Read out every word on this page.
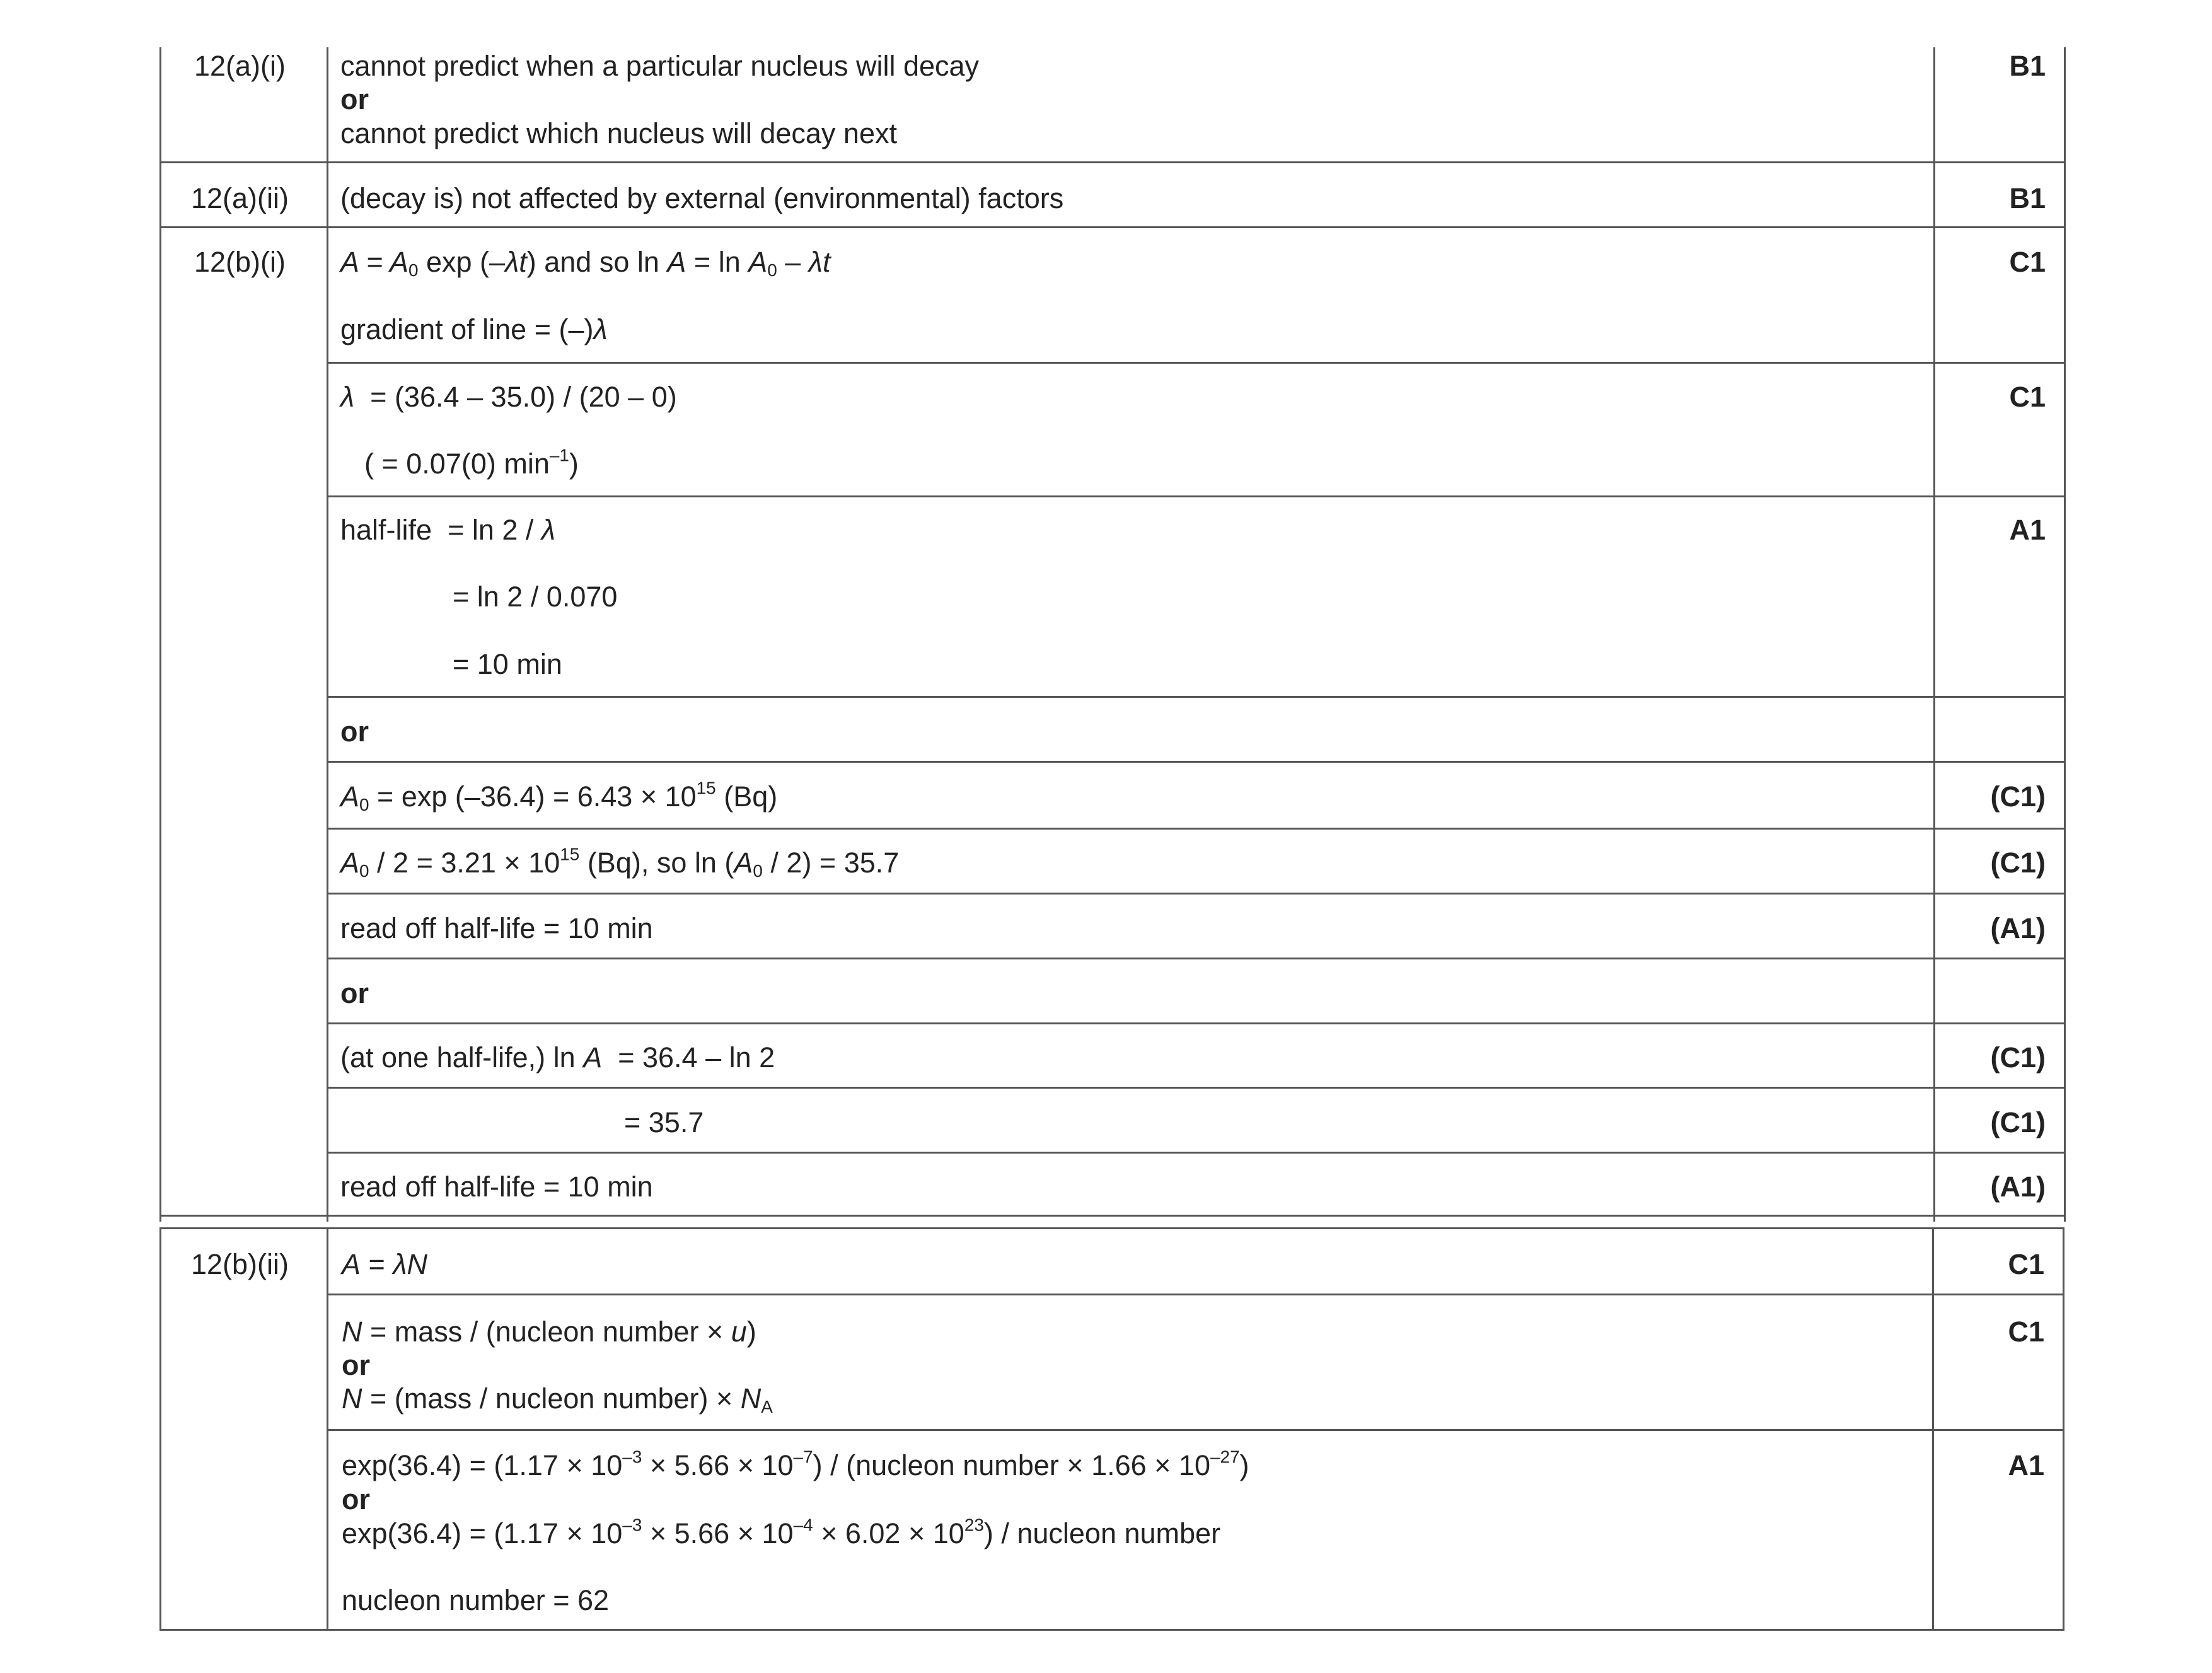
12(a)(i)	cannot predict when a particular nucleus will decay
or
cannot predict which nucleus will decay next
B1
12(a)(ii)	(decay is) not affected by external (environmental) factors	B1
12(b)(i)	$A = A_0$ exp (–λt) and so $\ln A = \ln A_0 - \lambda t$	C1
gradient of line = (–)λ
λ  = (36.4 – 35.0) / (20 – 0)	C1
( = 0.07(0) $\min^{-1}$)
half-life  = ln 2 / λ	A1
= ln 2 / 0.070
= 10 min
or
$A_0 = \exp (-36.4) = 6.43 \times 10^{15}$ (Bq)	(C1)
$A_0 / 2 = 3.21 \times 10^{15}$ (Bq), so $\ln (A_0 / 2) = 35.7$	(C1)
read off half-life = 10 min	(A1)
or
(at one half-life,) ln A  = 36.4 – ln 2	(C1)
= 35.7	(C1)
read off half-life = 10 min	(A1)
12(b)(ii)	A = λN	C1
N = mass / (nucleon number × u)
or
N = (mass / nucleon number) × $N_A$
C1
$\exp(36.4) = (1.17 \times 10^{-3} \times 5.66 \times 10^{-7})$ / (nucleon number × $1.66 \times 10^{-27}$)
or
$\exp(36.4) = (1.17 \times 10^{-3} \times 5.66 \times 10^{-4} \times 6.02 \times 10^{23})$ / nucleon number
nucleon number = 62
A1
